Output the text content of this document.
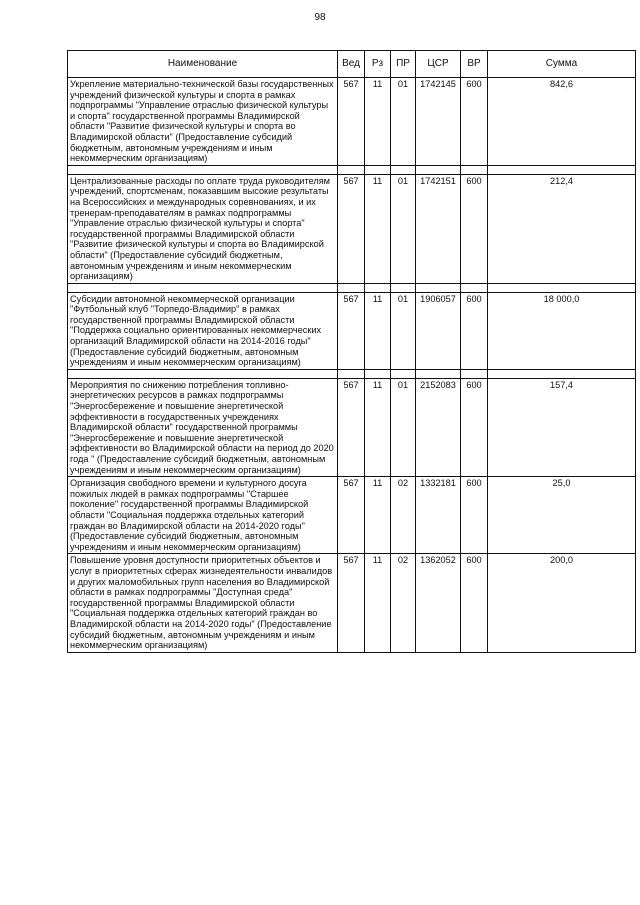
98
Наименование	Вед	Рз	ПР	ЦСР	ВР	Сумма
Укрепление материально-технической базы государственных учреждений физической культуры и спорта в рамках подпрограммы "Управление отраслью физической культуры и спорта" государственной программы Владимирской области "Развитие физической культуры и спорта во Владимирской области" (Предоставление субсидий бюджетным, автономным учреждениям и иным некоммерческим организациям)	567	11	01	1742145	600	842,6

Централизованные расходы по оплате труда руководителям учреждений, спортсменам, показавшим высокие результаты на Всероссийских и международных соревнованиях, и их тренерам-преподавателям в рамках подпрограммы "Управление отраслью физической культуры и спорта" государственной программы Владимирской области "Развитие физической культуры и спорта во Владимирской области" (Предоставление субсидий бюджетным, автономным учреждениям и иным некоммерческим организациям)	567	11	01	1742151	600	212,4

Субсидии автономной некоммерческой организации "Футбольный клуб "Торпедо-Владимир" в рамках государственной программы Владимирской области "Поддержка социально ориентированных некоммерческих организаций Владимирской области на 2014-2016 годы" (Предоставление субсидий бюджетным, автономным учреждениям и иным некоммерческим организациям)	567	11	01	1906057	600	18 000,0

Мероприятия по снижению потребления топливно-энергетических ресурсов в рамках подпрограммы "Энергосбережение и повышение энергетической эффективности в государственных учреждениях Владимирской области" государственной программы "Энергосбережение и повышение энергетической эффективности во Владимирской области на период до 2020 года " (Предоставление субсидий бюджетным, автономным учреждениям и иным некоммерческим организациям)	567	11	01	2152083	600	157,4
Организация свободного времени и культурного досуга пожилых людей в рамках подпрограммы "Старшее поколение" государственной программы Владимирской области "Социальная поддержка отдельных категорий граждан во Владимирской области на 2014-2020 годы" (Предоставление субсидий бюджетным, автономным учреждениям и иным некоммерческим организациям)	567	11	02	1332181	600	25,0
Повышение уровня доступности приоритетных объектов и услуг в приоритетных сферах жизнедеятельности инвалидов и других маломобильных групп населения во Владимирской области в рамках подпрограммы "Доступная среда" государственной программы Владимирской области "Социальная поддержка отдельных категорий граждан во Владимирской области на 2014-2020 годы" (Предоставление субсидий бюджетным, автономным учреждениям и иным некоммерческим организациям)	567	11	02	1362052	600	200,0
